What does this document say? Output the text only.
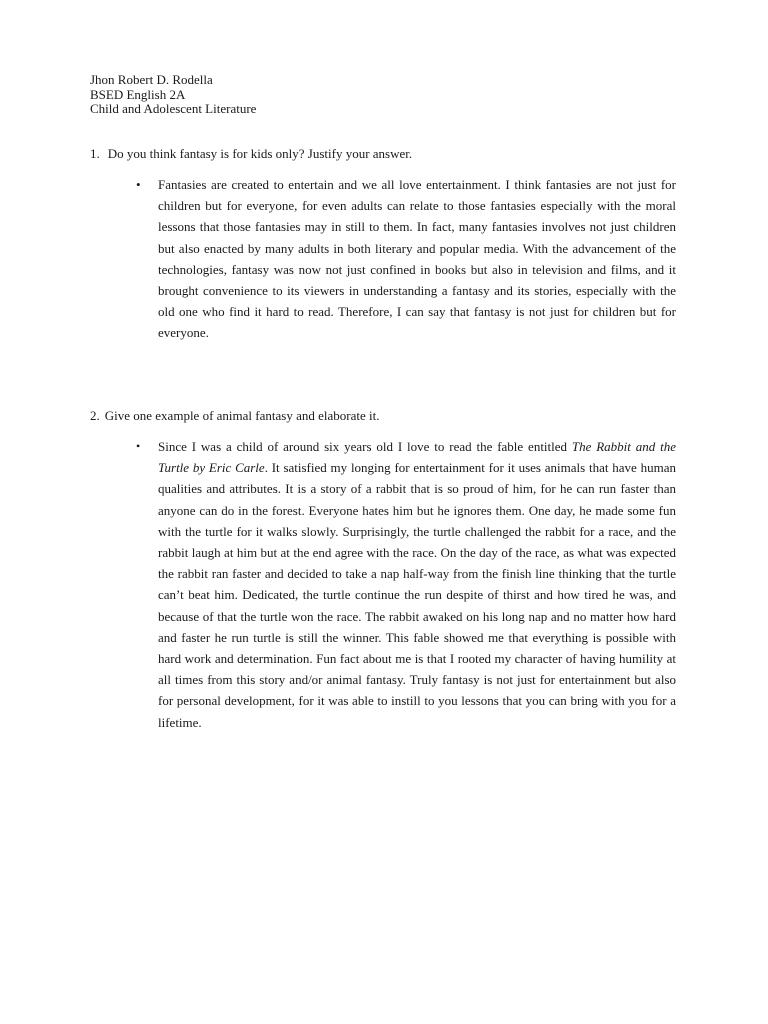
Jhon Robert D. Rodella
BSED English 2A
Child and Adolescent Literature
1. Do you think fantasy is for kids only? Justify your answer.
• Fantasies are created to entertain and we all love entertainment. I think fantasies are not just for children but for everyone, for even adults can relate to those fantasies especially with the moral lessons that those fantasies may in still to them. In fact, many fantasies involves not just children but also enacted by many adults in both literary and popular media. With the advancement of the technologies, fantasy was now not just confined in books but also in television and films, and it brought convenience to its viewers in understanding a fantasy and its stories, especially with the old one who find it hard to read. Therefore, I can say that fantasy is not just for children but for everyone.

2. Give one example of animal fantasy and elaborate it.
• Since I was a child of around six years old I love to read the fable entitled The Rabbit and the Turtle by Eric Carle. It satisfied my longing for entertainment for it uses animals that have human qualities and attributes. It is a story of a rabbit that is so proud of him, for he can run faster than anyone can do in the forest. Everyone hates him but he ignores them. One day, he made some fun with the turtle for it walks slowly. Surprisingly, the turtle challenged the rabbit for a race, and the rabbit laugh at him but at the end agree with the race. On the day of the race, as what was expected the rabbit ran faster and decided to take a nap half-way from the finish line thinking that the turtle can’t beat him. Dedicated, the turtle continue the run despite of thirst and how tired he was, and because of that the turtle won the race. The rabbit awaked on his long nap and no matter how hard and faster he run turtle is still the winner. This fable showed me that everything is possible with hard work and determination. Fun fact about me is that I rooted my character of having humility at all times from this story and/or animal fantasy. Truly fantasy is not just for entertainment but also for personal development, for it was able to instill to you lessons that you can bring with you for a lifetime.
